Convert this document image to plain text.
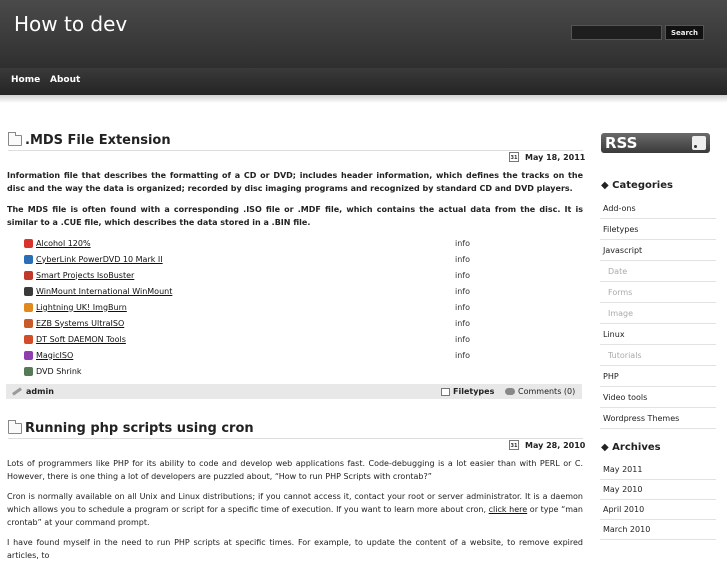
How to dev	Search
Home About
.MDS File Extension
31 May 18, 2011
Information file that describes the formatting of a CD or DVD; includes header information, which defines the tracks on the disc and the way the data is organized; recorded by disc imaging programs and recognized by standard CD and DVD players.
The MDS file is often found with a corresponding .ISO file or .MDF file, which contains the actual data from the disc. It is similar to a .CUE file, which describes the data stored in a .BIN file.
Alcohol 120%	info
CyberLink PowerDVD 10 Mark II	info
Smart Projects IsoBuster	info
WinMount International WinMount	info
Lightning UK! ImgBurn	info
EZB Systems UltraISO	info
DT Soft DAEMON Tools	info
MagicISO	info
DVD Shrink
admin	Filetypes	Comments (0)
Running php scripts using cron
31 May 28, 2010
Lots of programmers like PHP for its ability to code and develop web applications fast. Code-debugging is a lot easier than with PERL or C. However, there is one thing a lot of developers are puzzled about, “How to run PHP Scripts with crontab?”
Cron is normally available on all Unix and Linux distributions; if you cannot access it, contact your root or server administrator. It is a daemon which allows you to schedule a program or script for a specific time of execution. If you want to learn more about cron, click here or type “man crontab” at your command prompt.
I have found myself in the need to run PHP scripts at specific times. For example, to update the content of a website, to remove expired articles, to
RSS
◆ Categories
Add-ons
Filetypes
Javascript
Date
Forms
Image
Linux
Tutorials
PHP
Video tools
Wordpress Themes
◆ Archives
May 2011
May 2010
April 2010
March 2010
